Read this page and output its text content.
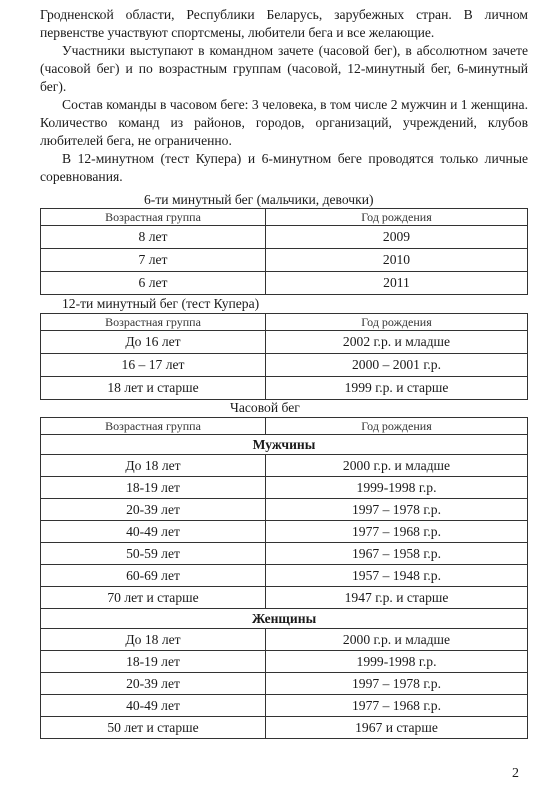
Гродненской области, Республики Беларусь, зарубежных стран. В личном первенстве участвуют спортсмены, любители бега и все желающие.
Участники выступают в командном зачете (часовой бег), в абсолютном зачете (часовой бег) и по возрастным группам (часовой, 12-минутный бег, 6-минутный бег).
Состав команды в часовом беге: 3 человека, в том числе 2 мужчин и 1 женщина. Количество команд из районов, городов, организаций, учреждений, клубов любителей бега, не ограниченно.
В 12-минутном (тест Купера) и 6-минутном беге проводятся только личные соревнования.
6-ти минутный бег (мальчики, девочки)
Возрастная группа	Год рождения
8 лет	2009
7 лет	2010
6 лет	2011
12-ти минутный бег (тест Купера)
Возрастная группа	Год рождения
До 16 лет	2002 г.р. и младше
16 – 17 лет	2000 – 2001 г.р.
18 лет и старше	1999 г.р. и старше
Часовой бег
Возрастная группа	Год рождения
Мужчины	
До 18 лет	2000 г.р. и младше
18-19 лет	1999-1998 г.р.
20-39 лет	1997 – 1978 г.р.
40-49 лет	1977 – 1968 г.р.
50-59 лет	1967 – 1958 г.р.
60-69 лет	1957 – 1948 г.р.
70 лет и старше	1947 г.р. и старше
Женщины	
До 18 лет	2000 г.р. и младше
18-19 лет	1999-1998 г.р.
20-39 лет	1997 – 1978 г.р.
40-49 лет	1977 – 1968 г.р.
50 лет и старше	1967 и старше
2
